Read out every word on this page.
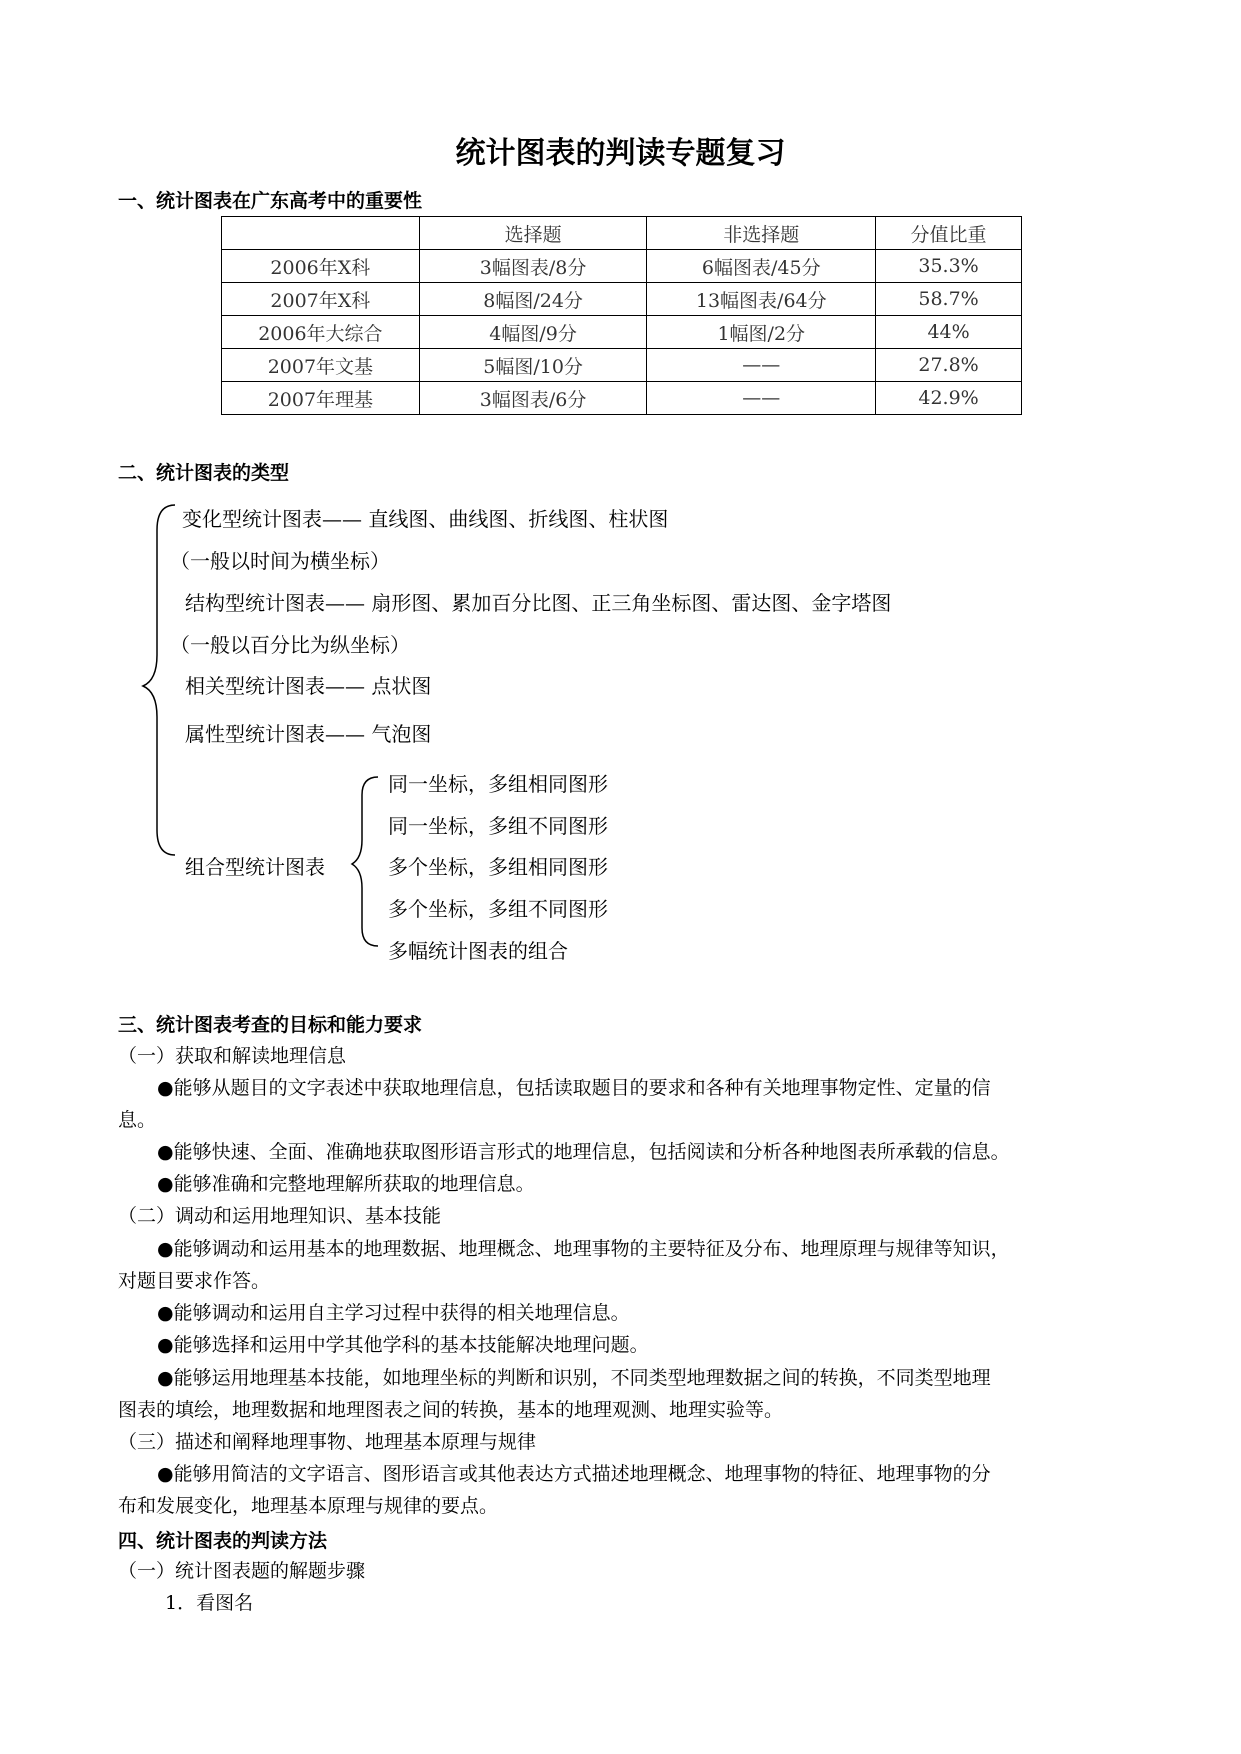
统计图表的判读专题复习
一、统计图表在广东高考中的重要性
	选择题	非选择题	分值比重
2006年X科	3幅图表/8分	6幅图表/45分	35.3%
2007年X科	8幅图/24分	13幅图表/64分	58.7%
2006年大综合	4幅图/9分	1幅图/2分	44%
2007年文基	5幅图/10分	——	27.8%
2007年理基	3幅图表/6分	——	42.9%
二、统计图表的类型
变化型统计图表—— 直线图、曲线图、折线图、柱状图
（一般以时间为横坐标）
结构型统计图表—— 扇形图、累加百分比图、正三角坐标图、雷达图、金字塔图
（一般以百分比为纵坐标）
相关型统计图表—— 点状图
属性型统计图表—— 气泡图
组合型统计图表
同一坐标，多组相同图形
同一坐标，多组不同图形
多个坐标，多组相同图形
多个坐标，多组不同图形
多幅统计图表的组合
三、统计图表考查的目标和能力要求
（一）获取和解读地理信息
●能够从题目的文字表述中获取地理信息，包括读取题目的要求和各种有关地理事物定性、定量的信
息。
●能够快速、全面、准确地获取图形语言形式的地理信息，包括阅读和分析各种地图表所承载的信息。
●能够准确和完整地理解所获取的地理信息。
（二）调动和运用地理知识、基本技能
●能够调动和运用基本的地理数据、地理概念、地理事物的主要特征及分布、地理原理与规律等知识，
对题目要求作答。
●能够调动和运用自主学习过程中获得的相关地理信息。
●能够选择和运用中学其他学科的基本技能解决地理问题。
●能够运用地理基本技能，如地理坐标的判断和识别，不同类型地理数据之间的转换，不同类型地理
图表的填绘，地理数据和地理图表之间的转换，基本的地理观测、地理实验等。
（三）描述和阐释地理事物、地理基本原理与规律
●能够用简洁的文字语言、图形语言或其他表达方式描述地理概念、地理事物的特征、地理事物的分
布和发展变化，地理基本原理与规律的要点。
四、统计图表的判读方法
（一）统计图表题的解题步骤
1．看图名
